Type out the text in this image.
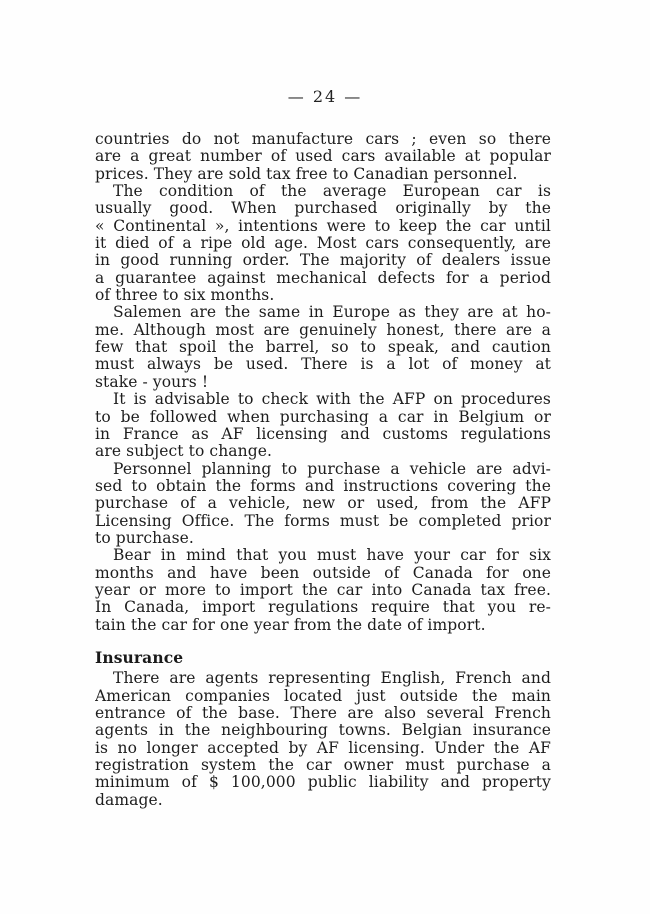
— 24 —
countries do not manufacture cars ; even so there
are a great number of used cars available at popular
prices. They are sold tax free to Canadian personnel.
The condition of the average European car is
usually good. When purchased originally by the
« Continental », intentions were to keep the car until
it died of a ripe old age. Most cars consequently, are
in good running order. The majority of dealers issue
a guarantee against mechanical defects for a period
of three to six months.
Salemen are the same in Europe as they are at ho-
me. Although most are genuinely honest, there are a
few that spoil the barrel, so to speak, and caution
must always be used. There is a lot of money at
stake - yours !
It is advisable to check with the AFP on procedures
to be followed when purchasing a car in Belgium or
in France as AF licensing and customs regulations
are subject to change.
Personnel planning to purchase a vehicle are advi-
sed to obtain the forms and instructions covering the
purchase of a vehicle, new or used, from the AFP
Licensing Office. The forms must be completed prior
to purchase.
Bear in mind that you must have your car for six
months and have been outside of Canada for one
year or more to import the car into Canada tax free.
In Canada, import regulations require that you re-
tain the car for one year from the date of import.
Insurance
There are agents representing English, French and
American companies located just outside the main
entrance of the base. There are also several French
agents in the neighbouring towns. Belgian insurance
is no longer accepted by AF licensing. Under the AF
registration system the car owner must purchase a
minimum of $ 100,000 public liability and property
damage.
